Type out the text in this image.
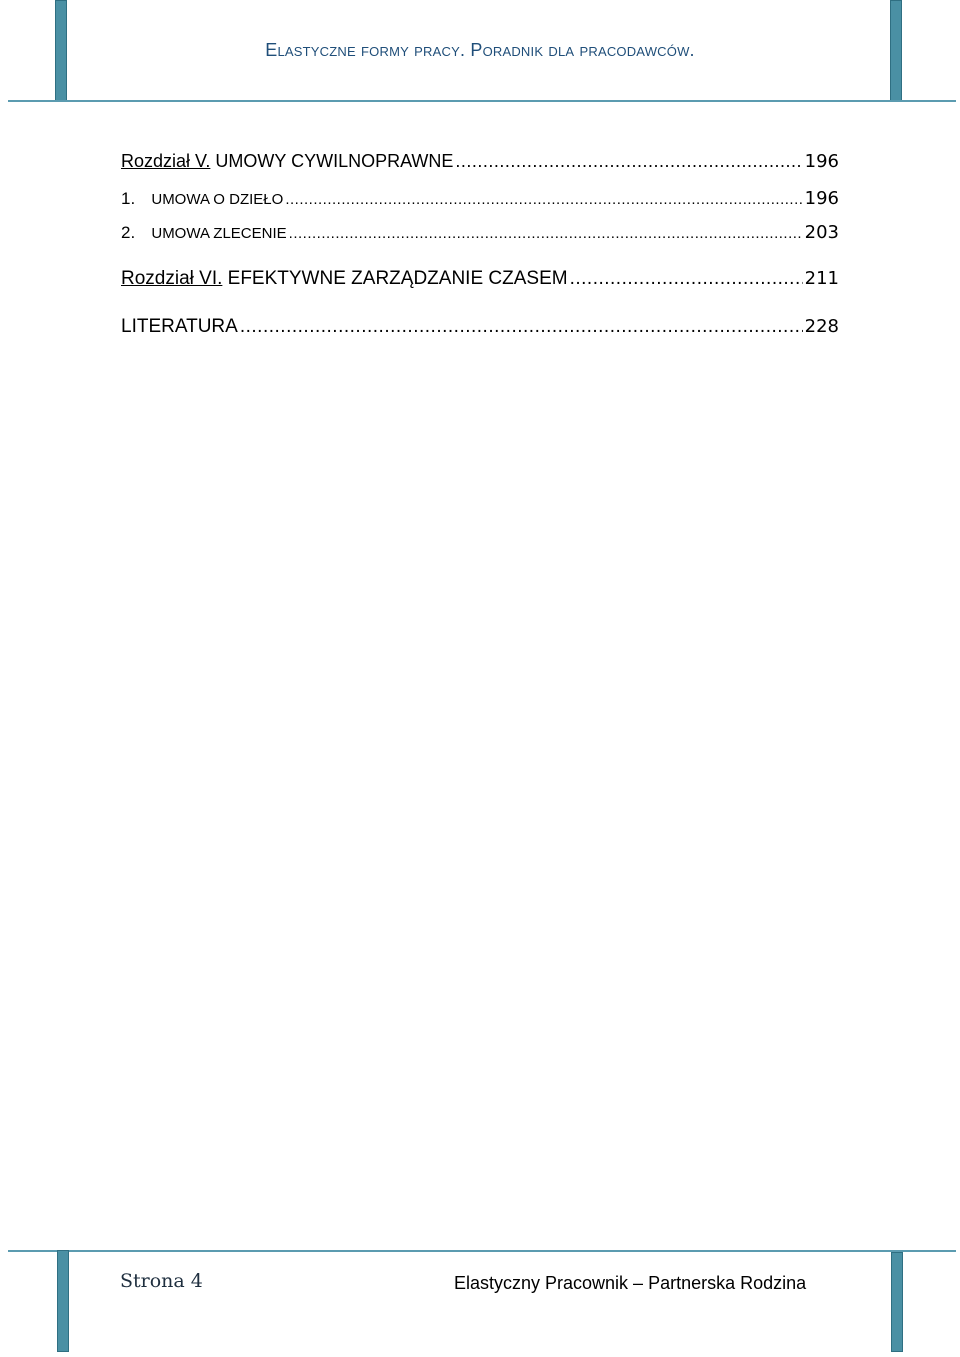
Elastyczne formy pracy. Poradnik dla pracodawców.
Rozdział V. UMOWY CYWILNOPRAWNE .....	196
1. UMOWA O DZIEŁO .....	196
2. UMOWA ZLECENIE .....	203
Rozdział VI. EFEKTYWNE ZARZĄDZANIE CZASEM .....	211
LITERATURA .....	228
Strona 4	Elastyczny Pracownik – Partnerska Rodzina
